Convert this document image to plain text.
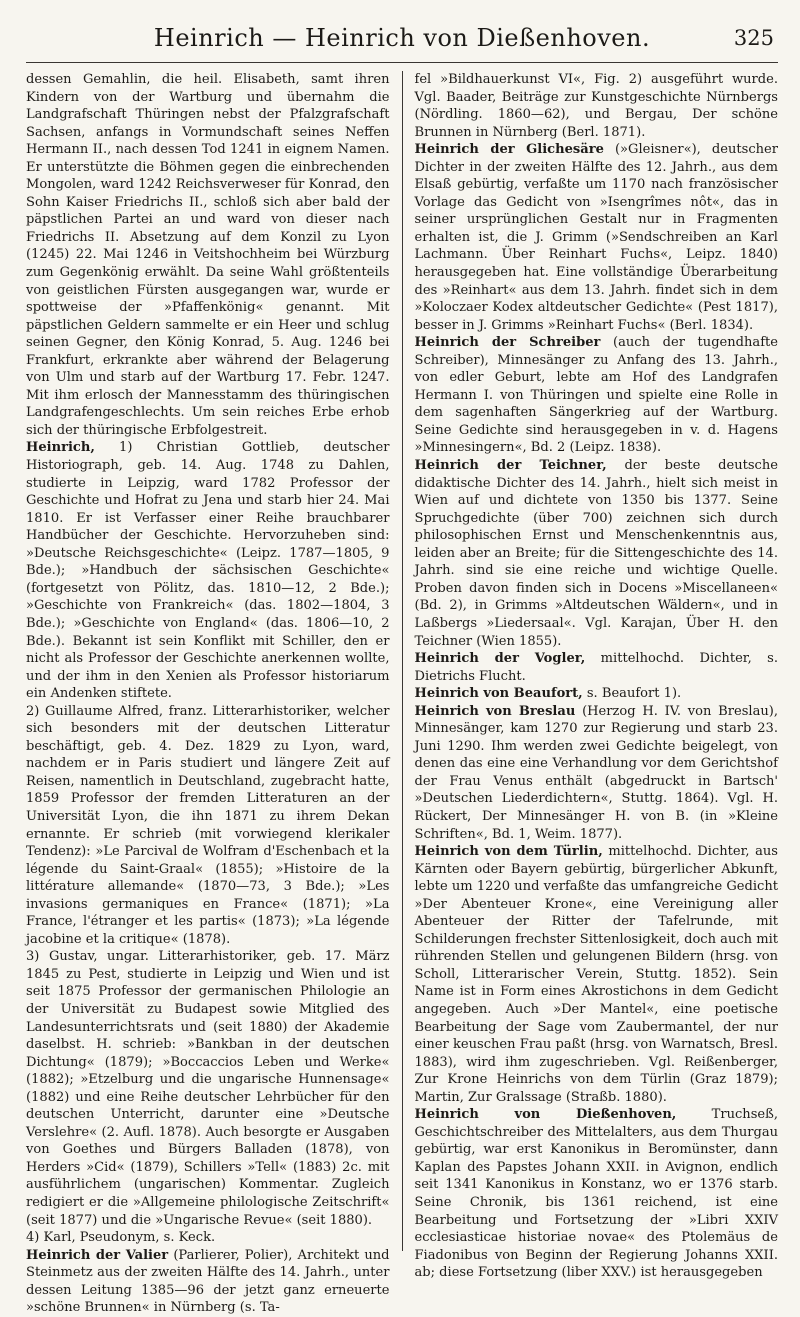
Heinrich — Heinrich von Dießenhoven.	325

dessen Gemahlin, die heil. Elisabeth, samt ihren Kindern von der Wartburg und übernahm die Landgrafschaft Thüringen nebst der Pfalzgrafschaft Sachsen, anfangs in Vormundschaft seines Neffen Hermann II., nach dessen Tod 1241 in eignem Namen. Er unterstützte die Böhmen gegen die einbrechenden Mongolen, ward 1242 Reichsverweser für Konrad, den Sohn Kaiser Friedrichs II., schloß sich aber bald der päpstlichen Partei an und ward von dieser nach Friedrichs II. Absetzung auf dem Konzil zu Lyon (1245) 22. Mai 1246 in Veitshochheim bei Würzburg zum Gegenkönig erwählt. Da seine Wahl größtenteils von geistlichen Fürsten ausgegangen war, wurde er spottweise der »Pfaffenkönig« genannt. Mit päpstlichen Geldern sammelte er ein Heer und schlug seinen Gegner, den König Konrad, 5. Aug. 1246 bei Frankfurt, erkrankte aber während der Belagerung von Ulm und starb auf der Wartburg 17. Febr. 1247. Mit ihm erlosch der Mannesstamm des thüringischen Landgrafengeschlechts. Um sein reiches Erbe erhob sich der thüringische Erbfolgestreit.

Heinrich, 1) Christian Gottlieb, deutscher Historiograph, geb. 14. Aug. 1748 zu Dahlen, studierte in Leipzig, ward 1782 Professor der Geschichte und Hofrat zu Jena und starb hier 24. Mai 1810. Er ist Verfasser einer Reihe brauchbarer Handbücher der Geschichte. Hervorzuheben sind: »Deutsche Reichsgeschichte« (Leipz. 1787—1805, 9 Bde.); »Handbuch der sächsischen Geschichte« (fortgesetzt von Pölitz, das. 1810—12, 2 Bde.); »Geschichte von Frankreich« (das. 1802—1804, 3 Bde.); »Geschichte von England« (das. 1806—10, 2 Bde.). Bekannt ist sein Konflikt mit Schiller, den er nicht als Professor der Geschichte anerkennen wollte, und der ihm in den Xenien als Professor historiarum ein Andenken stiftete.

2) Guillaume Alfred, franz. Litterarhistoriker, welcher sich besonders mit der deutschen Litteratur beschäftigt, geb. 4. Dez. 1829 zu Lyon, ward, nachdem er in Paris studiert und längere Zeit auf Reisen, namentlich in Deutschland, zugebracht hatte, 1859 Professor der fremden Litteraturen an der Universität Lyon, die ihn 1871 zu ihrem Dekan ernannte. Er schrieb (mit vorwiegend klerikaler Tendenz): »Le Parcival de Wolfram d'Eschenbach et la légende du Saint-Graal« (1855); »Histoire de la littérature allemande« (1870—73, 3 Bde.); »Les invasions germaniques en France« (1871); »La France, l'étranger et les partis« (1873); »La légende jacobine et la critique« (1878).

3) Gustav, ungar. Litterarhistoriker, geb. 17. März 1845 zu Pest, studierte in Leipzig und Wien und ist seit 1875 Professor der germanischen Philologie an der Universität zu Budapest sowie Mitglied des Landesunterrichtsrats und (seit 1880) der Akademie daselbst. H. schrieb: »Bankban in der deutschen Dichtung« (1879); »Boccaccios Leben und Werke« (1882); »Etzelburg und die ungarische Hunnensage« (1882) und eine Reihe deutscher Lehrbücher für den deutschen Unterricht, darunter eine »Deutsche Verslehre« (2. Aufl. 1878). Auch besorgte er Ausgaben von Goethes und Bürgers Balladen (1878), von Herders »Cid« (1879), Schillers »Tell« (1883) 2c. mit ausführlichem (ungarischen) Kommentar. Zugleich redigiert er die »Allgemeine philologische Zeitschrift« (seit 1877) und die »Ungarische Revue« (seit 1880).

4) Karl, Pseudonym, s. Keck.

Heinrich der Valier (Parlierer, Polier), Architekt und Steinmetz aus der zweiten Hälfte des 14. Jahrh., unter dessen Leitung 1385—96 der jetzt ganz erneuerte »schöne Brunnen« in Nürnberg (s. Ta-

fel »Bildhauerkunst VI«, Fig. 2) ausgeführt wurde. Vgl. Baader, Beiträge zur Kunstgeschichte Nürnbergs (Nördling. 1860—62), und Bergau, Der schöne Brunnen in Nürnberg (Berl. 1871).

Heinrich der Glichesäre (»Gleisner«), deutscher Dichter in der zweiten Hälfte des 12. Jahrh., aus dem Elsaß gebürtig, verfaßte um 1170 nach französischer Vorlage das Gedicht von »Isengrîmes nôt«, das in seiner ursprünglichen Gestalt nur in Fragmenten erhalten ist, die J. Grimm (»Sendschreiben an Karl Lachmann. Über Reinhart Fuchs«, Leipz. 1840) herausgegeben hat. Eine vollständige Überarbeitung des »Reinhart« aus dem 13. Jahrh. findet sich in dem »Koloczaer Kodex altdeutscher Gedichte« (Pest 1817), besser in J. Grimms »Reinhart Fuchs« (Berl. 1834).

Heinrich der Schreiber (auch der tugendhafte Schreiber), Minnesänger zu Anfang des 13. Jahrh., von edler Geburt, lebte am Hof des Landgrafen Hermann I. von Thüringen und spielte eine Rolle in dem sagenhaften Sängerkrieg auf der Wartburg. Seine Gedichte sind herausgegeben in v. d. Hagens »Minnesingern«, Bd. 2 (Leipz. 1838).

Heinrich der Teichner, der beste deutsche didaktische Dichter des 14. Jahrh., hielt sich meist in Wien auf und dichtete von 1350 bis 1377. Seine Spruchgedichte (über 700) zeichnen sich durch philosophischen Ernst und Menschenkenntnis aus, leiden aber an Breite; für die Sittengeschichte des 14. Jahrh. sind sie eine reiche und wichtige Quelle. Proben davon finden sich in Docens »Miscellaneen« (Bd. 2), in Grimms »Altdeutschen Wäldern«, und in Laßbergs »Liedersaal«. Vgl. Karajan, Über H. den Teichner (Wien 1855).

Heinrich der Vogler, mittelhochd. Dichter, s. Dietrichs Flucht.

Heinrich von Beaufort, s. Beaufort 1).

Heinrich von Breslau (Herzog H. IV. von Breslau), Minnesänger, kam 1270 zur Regierung und starb 23. Juni 1290. Ihm werden zwei Gedichte beigelegt, von denen das eine eine Verhandlung vor dem Gerichtshof der Frau Venus enthält (abgedruckt in Bartsch' »Deutschen Liederdichtern«, Stuttg. 1864). Vgl. H. Rückert, Der Minnesänger H. von B. (in »Kleine Schriften«, Bd. 1, Weim. 1877).

Heinrich von dem Türlin, mittelhochd. Dichter, aus Kärnten oder Bayern gebürtig, bürgerlicher Abkunft, lebte um 1220 und verfaßte das umfangreiche Gedicht »Der Abenteuer Krone«, eine Vereinigung aller Abenteuer der Ritter der Tafelrunde, mit Schilderungen frechster Sittenlosigkeit, doch auch mit rührenden Stellen und gelungenen Bildern (hrsg. von Scholl, Litterarischer Verein, Stuttg. 1852). Sein Name ist in Form eines Akrostichons in dem Gedicht angegeben. Auch »Der Mantel«, eine poetische Bearbeitung der Sage vom Zaubermantel, der nur einer keuschen Frau paßt (hrsg. von Warnatsch, Bresl. 1883), wird ihm zugeschrieben. Vgl. Reißenberger, Zur Krone Heinrichs von dem Türlin (Graz 1879); Martin, Zur Gralssage (Straßb. 1880).

Heinrich von Dießenhoven, Truchseß, Geschichtschreiber des Mittelalters, aus dem Thurgau gebürtig, war erst Kanonikus in Beromünster, dann Kaplan des Papstes Johann XXII. in Avignon, endlich seit 1341 Kanonikus in Konstanz, wo er 1376 starb. Seine Chronik, bis 1361 reichend, ist eine Bearbeitung und Fortsetzung der »Libri XXIV ecclesiasticae historiae novae« des Ptolemäus de Fiadonibus von Beginn der Regierung Johanns XXII. ab; diese Fortsetzung (liber XXV.) ist herausgegeben
